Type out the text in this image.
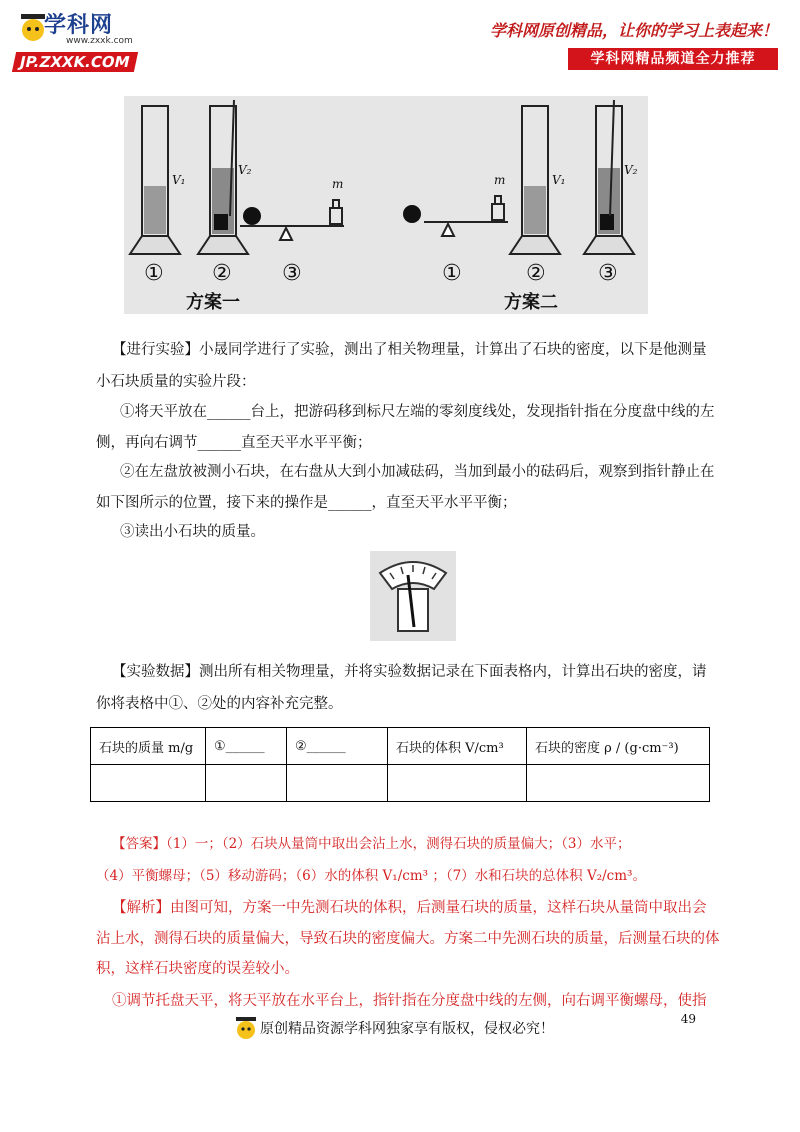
学科网
www.zxxk.com
JP.ZXXK.COM
学科网原创精品，让你的学习上表起来！
学科网精品频道全力推荐
V₁
V₂
m	m	V₁
V₂
① ② ③	①	② ③
方案一	方案二

【进行实验】小晟同学进行了实验，测出了相关物理量，计算出了石块的密度，以下是他测量

小石块质量的实验片段：

①将天平放在______台上，把游码移到标尺左端的零刻度线处，发现指针指在分度盘中线的左

侧，再向右调节______直至天平水平平衡；

②在左盘放被测小石块，在右盘从大到小加减砝码，当加到最小的砝码后，观察到指针静止在

如下图所示的位置，接下来的操作是______，直至天平水平平衡；

③读出小石块的质量。

【实验数据】测出所有相关物理量，并将实验数据记录在下面表格内，计算出石块的密度，请

你将表格中①、②处的内容补充完整。

石块的质量 m/g	①______	②______	石块的体积 V/cm³	石块的密度 ρ / (g·cm⁻³)

【答案】（1）一；（2）石块从量筒中取出会沾上水，测得石块的质量偏大；（3）水平；

（4）平衡螺母；（5）移动游码；（6）水的体积 V₁/cm³ ；（7）水和石块的总体积 V₂/cm³。

【解析】由图可知，方案一中先测石块的体积，后测量石块的质量，这样石块从量筒中取出会

沾上水，测得石块的质量偏大，导致石块的密度偏大。方案二中先测石块的质量，后测量石块的体

积，这样石块密度的误差较小。

①调节托盘天平，将天平放在水平台上，指针指在分度盘中线的左侧，向右调平衡螺母，使指

49
原创精品资源学科网独家享有版权，侵权必究！
